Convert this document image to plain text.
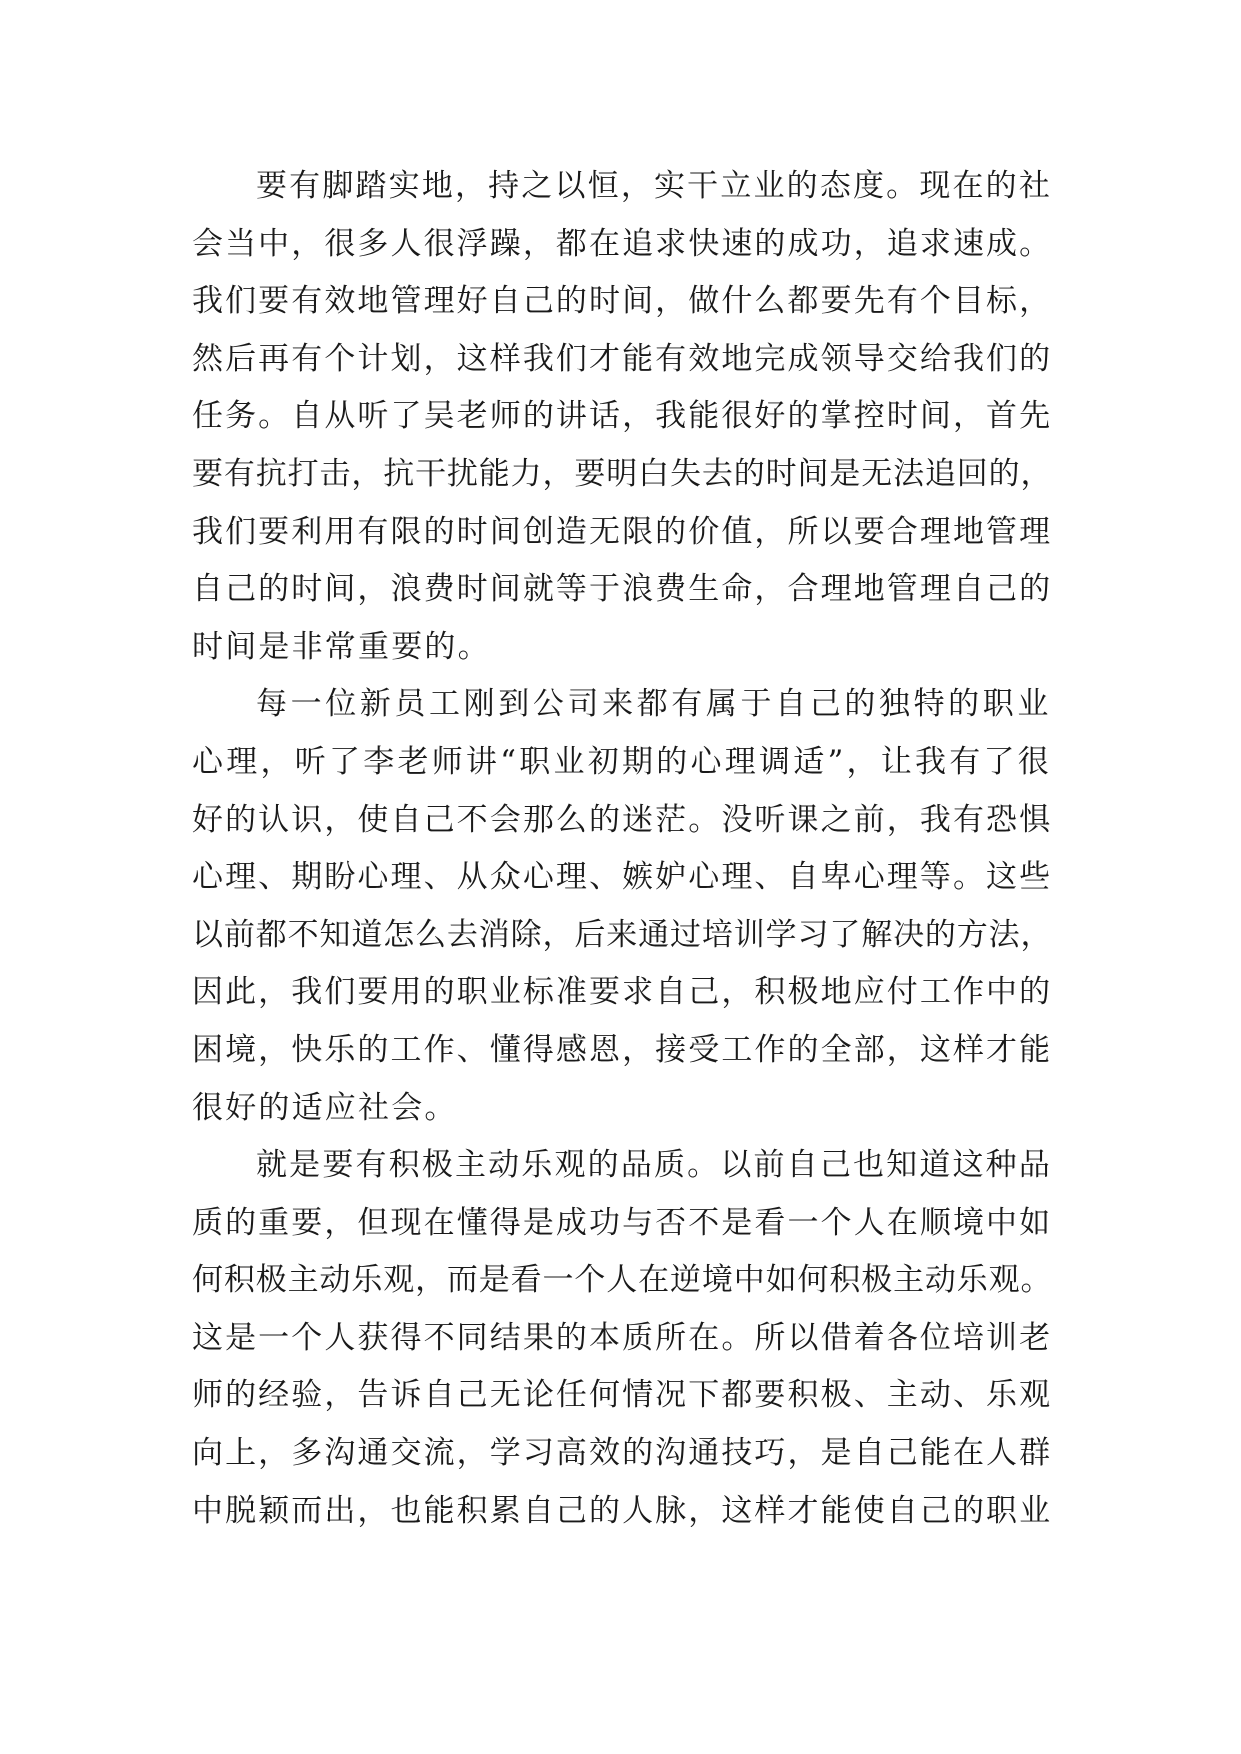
要有脚踏实地，持之以恒，实干立业的态度。现在的社
会当中，很多人很浮躁，都在追求快速的成功，追求速成。
我们要有效地管理好自己的时间，做什么都要先有个目标，
然后再有个计划，这样我们才能有效地完成领导交给我们的
任务。自从听了吴老师的讲话，我能很好的掌控时间，首先
要有抗打击，抗干扰能力，要明白失去的时间是无法追回的，
我们要利用有限的时间创造无限的价值，所以要合理地管理
自己的时间，浪费时间就等于浪费生命，合理地管理自己的
时间是非常重要的。
每一位新员工刚到公司来都有属于自己的独特的职业
心理，听了李老师讲“职业初期的心理调适”，让我有了很
好的认识，使自己不会那么的迷茫。没听课之前，我有恐惧
心理、期盼心理、从众心理、嫉妒心理、自卑心理等。这些
以前都不知道怎么去消除，后来通过培训学习了解决的方法，
因此，我们要用的职业标准要求自己，积极地应付工作中的
困境，快乐的工作、懂得感恩，接受工作的全部，这样才能
很好的适应社会。
就是要有积极主动乐观的品质。以前自己也知道这种品
质的重要，但现在懂得是成功与否不是看一个人在顺境中如
何积极主动乐观，而是看一个人在逆境中如何积极主动乐观。
这是一个人获得不同结果的本质所在。所以借着各位培训老
师的经验，告诉自己无论任何情况下都要积极、主动、乐观
向上，多沟通交流，学习高效的沟通技巧，是自己能在人群
中脱颖而出，也能积累自己的人脉，这样才能使自己的职业
